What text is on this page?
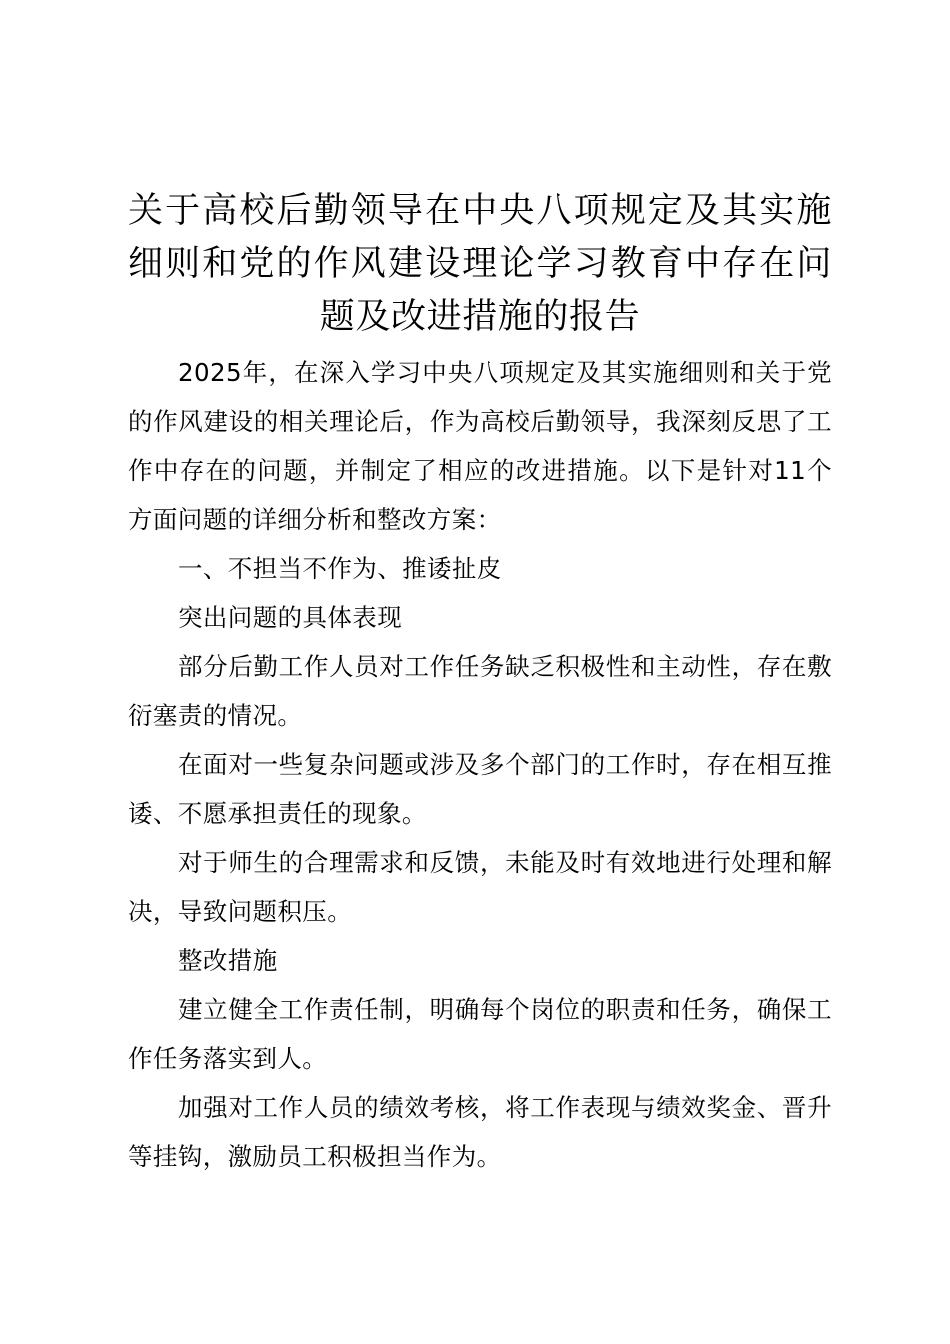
关于高校后勤领导在中央八项规定及其实施细则和党的作风建设理论学习教育中存在问题及改进措施的报告

2025年，在深入学习中央八项规定及其实施细则和关于党的作风建设的相关理论后，作为高校后勤领导，我深刻反思了工作中存在的问题，并制定了相应的改进措施。以下是针对11个方面问题的详细分析和整改方案：

一、不担当不作为、推诿扯皮

突出问题的具体表现

部分后勤工作人员对工作任务缺乏积极性和主动性，存在敷衍塞责的情况。

在面对一些复杂问题或涉及多个部门的工作时，存在相互推诿、不愿承担责任的现象。

对于师生的合理需求和反馈，未能及时有效地进行处理和解决，导致问题积压。

整改措施

建立健全工作责任制，明确每个岗位的职责和任务，确保工作任务落实到人。

加强对工作人员的绩效考核，将工作表现与绩效奖金、晋升等挂钩，激励员工积极担当作为。
